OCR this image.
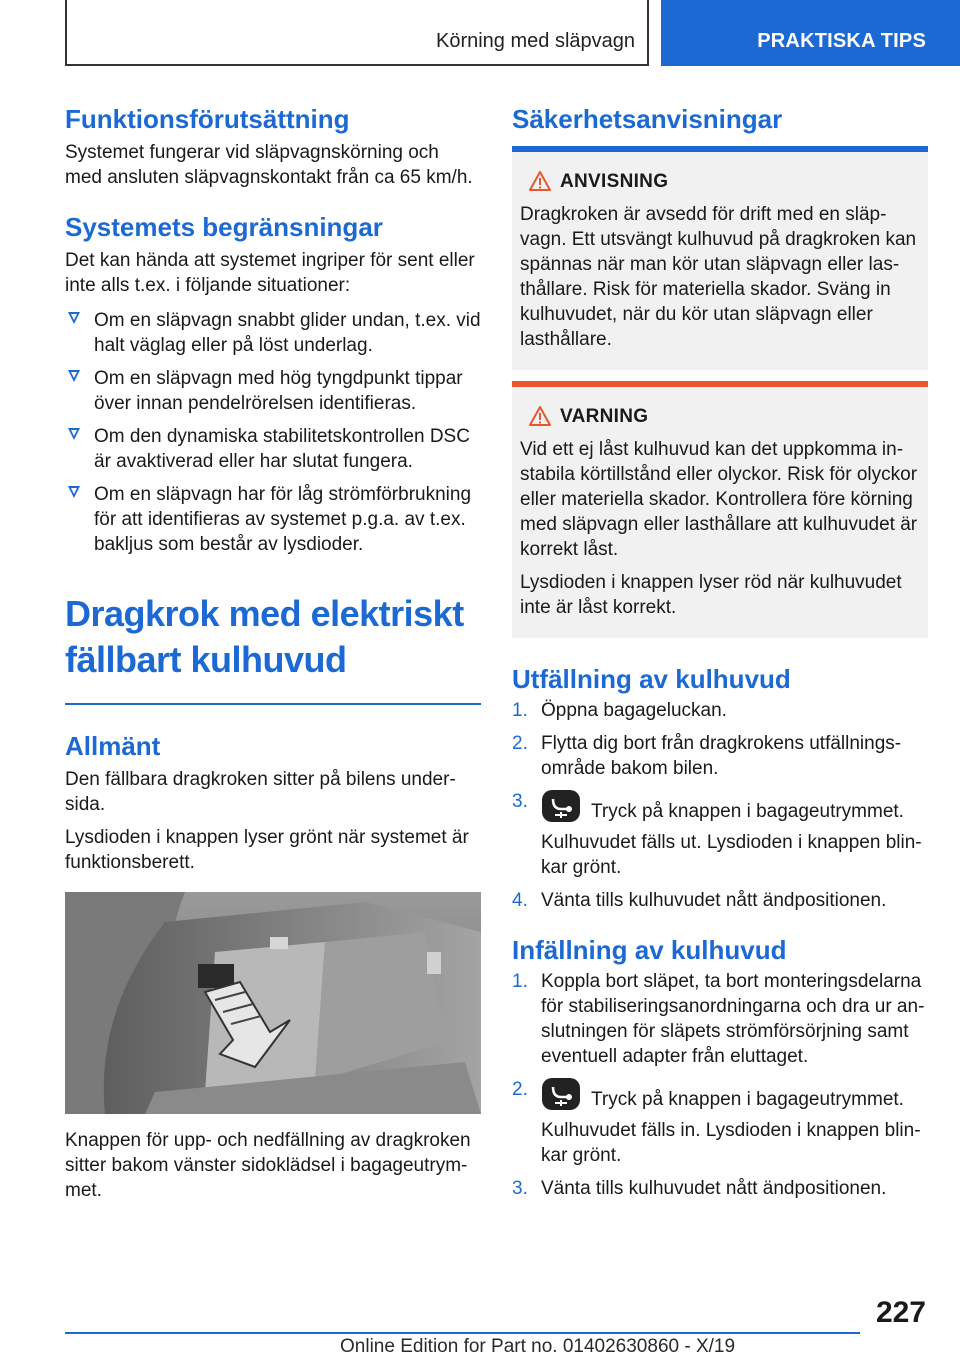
Körning med släpvagn	PRAKTISKA TIPS
Funktionsförutsättning

Systemet fungerar vid släpvagnskörning och med ansluten släpvagnskontakt från ca 65 km/h.

Systemets begränsningar

Det kan hända att systemet ingriper för sent eller inte alls t.ex. i följande situationer:

Om en släpvagn snabbt glider undan, t.ex. vid halt väglag eller på löst underlag.
Om en släpvagn med hög tyngdpunkt tippar över innan pendelrörelsen identifieras.
Om den dynamiska stabilitetskontrollen DSC är avaktiverad eller har slutat fungera.
Om en släpvagn har för låg strömförbrukning för att identifieras av systemet p.g.a. av t.ex. bakljus som består av lysdioder.
Dragkrok med elektriskt
fällbart kulhuvud
Allmänt

Den fällbara dragkroken sitter på bilens undersida.

Lysdioden i knappen lyser grönt när systemet är funktionsberett.

Knappen för upp- och nedfällning av dragkroken sitter bakom vänster sidoklädsel i bagageutrymmet.

Säkerhetsanvisningar
ANVISNING

Dragkroken är avsedd för drift med en släpvagn. Ett utsvängt kulhuvud på dragkroken kan spännas när man kör utan släpvagn eller lasthållare. Risk för materiella skador. Sväng in kulhuvudet, när du kör utan släpvagn eller lasthållare.

VARNING

Vid ett ej låst kulhuvud kan det uppkomma instabila körtillstånd eller olyckor. Risk för olyckor eller materiella skador. Kontrollera före körning med släpvagn eller lasthållare att kulhuvudet är korrekt låst.

Lysdioden i knappen lyser röd när kulhuvudet inte är låst korrekt.

Utfällning av kulhuvud
1. Öppna bagageluckan.
2. Flytta dig bort från dragkrokens utfällningsområde bakom bilen.
3.	Tryck på knappen i bagageutrymmet.
Kulhuvudet fälls ut. Lysdioden i knappen blinkar grönt.
4. Vänta tills kulhuvudet nått ändpositionen.
Infällning av kulhuvud
1. Koppla bort släpet, ta bort monteringsdelarna för stabiliseringsanordningarna och dra ur anslutningen för släpets strömförsörjning samt eventuell adapter från eluttaget.
2.	Tryck på knappen i bagageutrymmet.
Kulhuvudet fälls in. Lysdioden i knappen blinkar grönt.
3. Vänta tills kulhuvudet nått ändpositionen.
227
Online Edition for Part no. 01402630860 - X/19
